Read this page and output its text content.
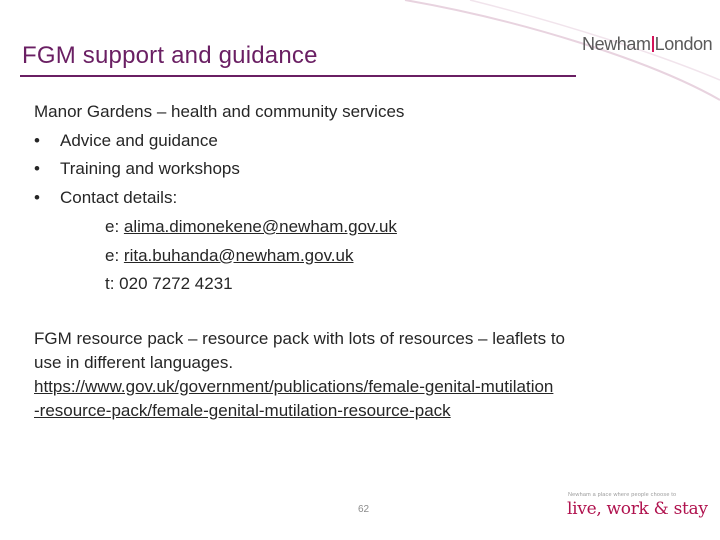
FGM support and guidance	Newham London
Manor Gardens – health and community services
• Advice and guidance
• Training and workshops
• Contact details:
e: alima.dimonekene@newham.gov.uk
e: rita.buhanda@newham.gov.uk
t: 020 7272 4231
FGM resource pack – resource pack with lots of resources – leaflets to
use in different languages.
https://www.gov.uk/government/publications/female-genital-mutilation
-resource-pack/female-genital-mutilation-resource-pack
62
Newham a place where people choose to
live, work & stay
